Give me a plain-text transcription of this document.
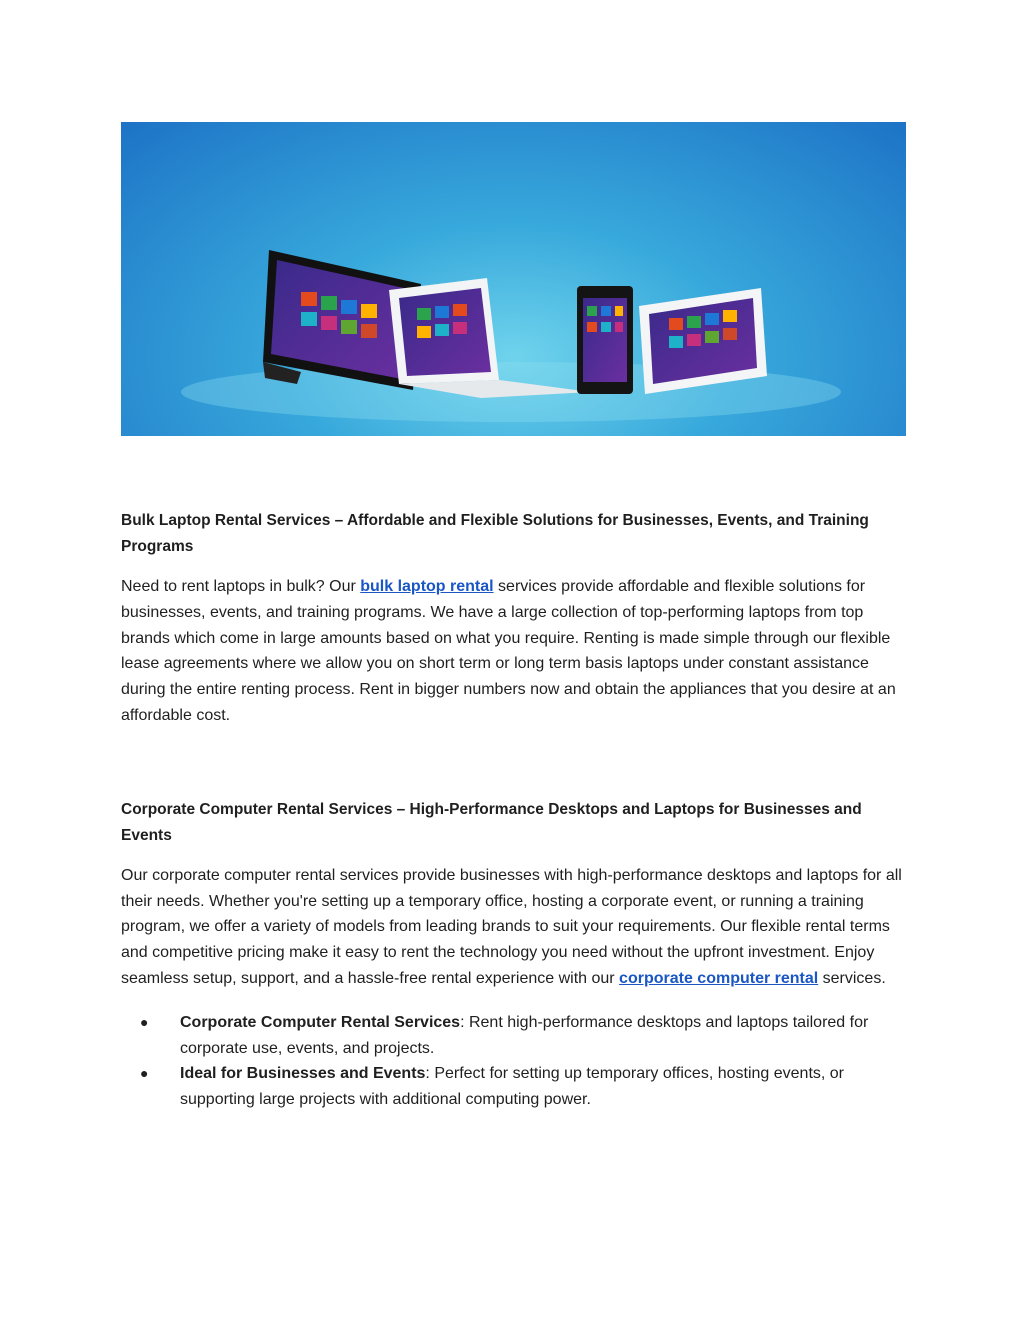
Bulk Laptop Rental Services – Affordable and Flexible Solutions for Businesses, Events, and Training Programs

Need to rent laptops in bulk? Our bulk laptop rental services provide affordable and flexible solutions for businesses, events, and training programs. We have a large collection of top-performing laptops from top brands which come in large amounts based on what you require. Renting is made simple through our flexible lease agreements where we allow you on short term or long term basis laptops under constant assistance during the entire renting process. Rent in bigger numbers now and obtain the appliances that you desire at an affordable cost.

Corporate Computer Rental Services – High-Performance Desktops and Laptops for Businesses and Events

Our corporate computer rental services provide businesses with high-performance desktops and laptops for all their needs. Whether you're setting up a temporary office, hosting a corporate event, or running a training program, we offer a variety of models from leading brands to suit your requirements. Our flexible rental terms and competitive pricing make it easy to rent the technology you need without the upfront investment. Enjoy seamless setup, support, and a hassle-free rental experience with our corporate computer rental services.

● Corporate Computer Rental Services: Rent high-performance desktops and laptops tailored for corporate use, events, and projects.
● Ideal for Businesses and Events: Perfect for setting up temporary offices, hosting events, or supporting large projects with additional computing power.
